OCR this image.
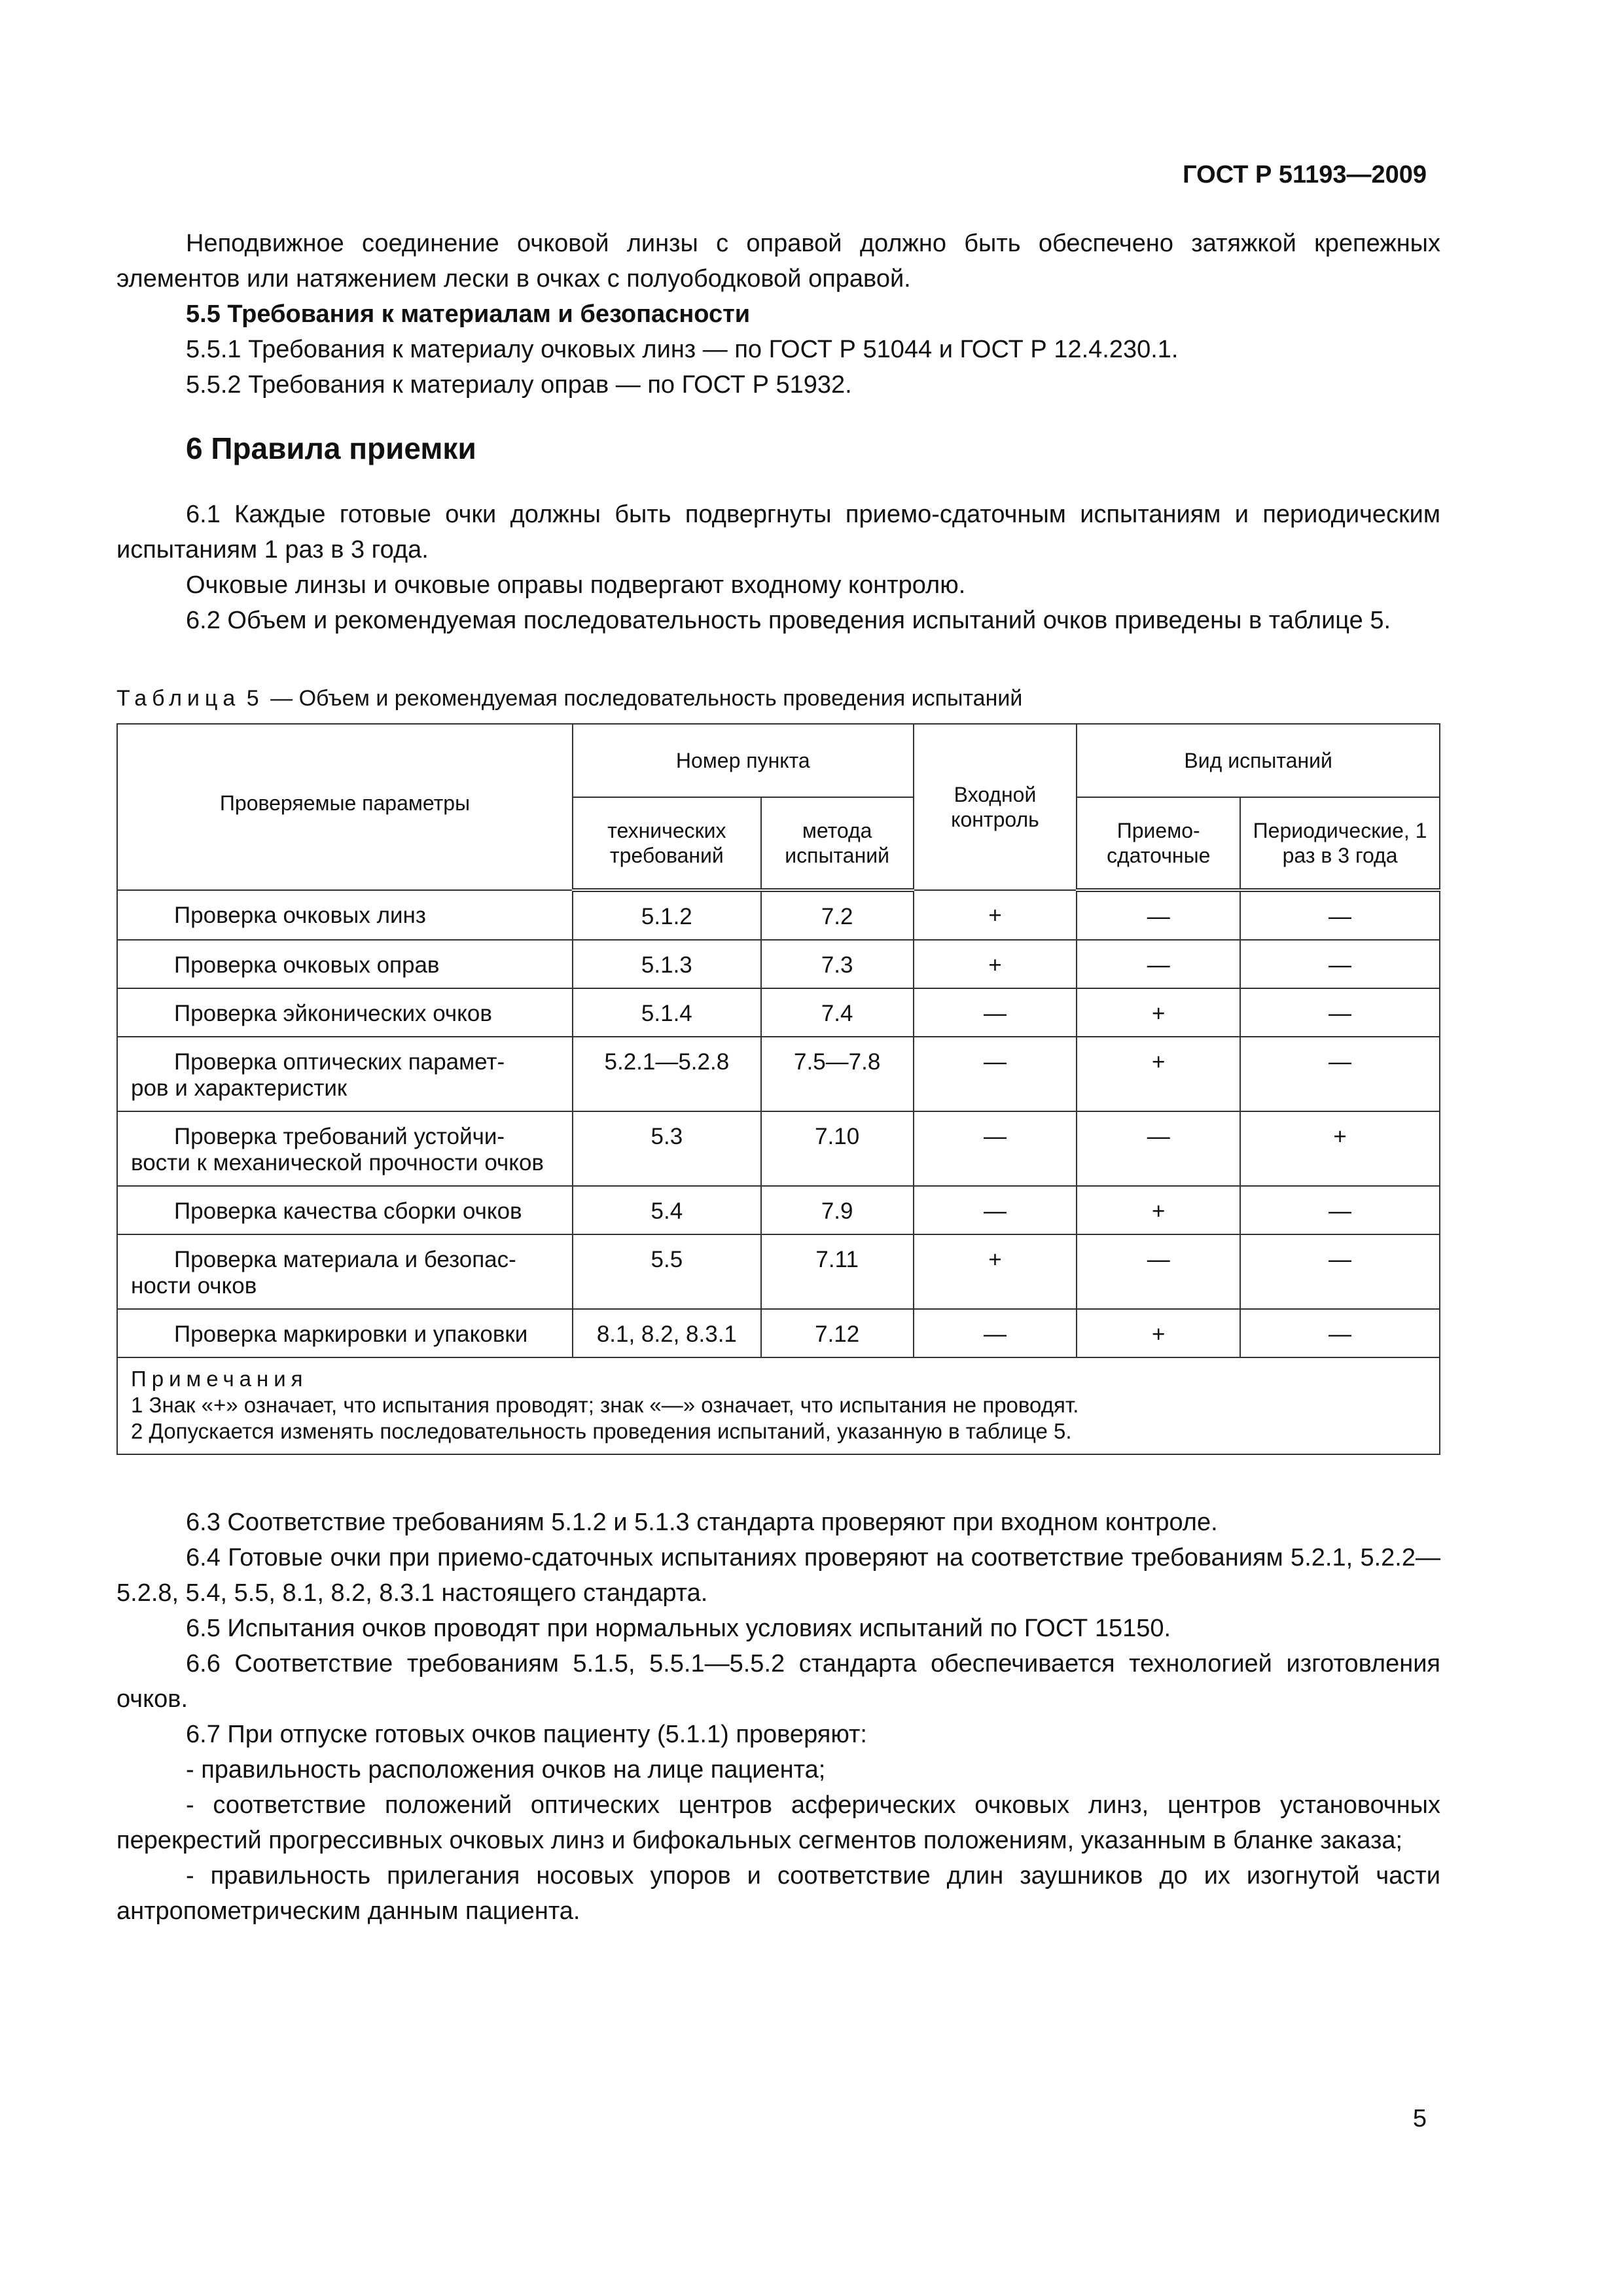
ГОСТ Р 51193—2009

Неподвижное соединение очковой линзы с оправой должно быть обеспечено затяжкой крепежных элементов или натяжением лески в очках с полуободковой оправой.

5.5 Требования к материалам и безопасности

5.5.1 Требования к материалу очковых линз — по ГОСТ Р 51044 и ГОСТ Р 12.4.230.1.

5.5.2 Требования к материалу оправ — по ГОСТ Р 51932.

6 Правила приемки

6.1 Каждые готовые очки должны быть подвергнуты приемо-сдаточным испытаниям и периодическим испытаниям 1 раз в 3 года.

Очковые линзы и очковые оправы подвергают входному контролю.

6.2 Объем и рекомендуемая последовательность проведения испытаний очков приведены в таблице 5.

Таблица 5 — Объем и рекомендуемая последовательность проведения испытаний
Проверяемые параметры	Номер пункта		Входной контроль	Вид испытаний	
	технических требований	метода испытаний		Приемо-сдаточные	Периодические, 1 раз в 3 года

Проверка очковых линз	5.1.2	7.2	+	—	—

Проверка очковых оправ	5.1.3	7.3	+	—	—

Проверка эйконических очков	5.1.4	7.4	—	+	—

Проверка оптических парамет-
ров и характеристик	5.2.1—5.2.8	7.5—7.8	—	+	—

Проверка требований устойчи-
вости к механической прочности очков	5.3	7.10	—	—	+

Проверка качества сборки очков	5.4	7.9	—	+	—

Проверка материала и безопас-
ности очков	5.5	7.11	+	—	—

Проверка маркировки и упаковки	8.1, 8.2, 8.3.1	7.12	—	+	—

Примечания
1 Знак «+» означает, что испытания проводят; знак «—» означает, что испытания не проводят.
2 Допускается изменять последовательность проведения испытаний, указанную в таблице 5.					

6.3 Соответствие требованиям 5.1.2 и 5.1.3 стандарта проверяют при входном контроле.

6.4 Готовые очки при приемо-сдаточных испытаниях проверяют на соответствие требованиям 5.2.1, 5.2.2—5.2.8, 5.4, 5.5, 8.1, 8.2, 8.3.1 настоящего стандарта.

6.5 Испытания очков проводят при нормальных условиях испытаний по ГОСТ 15150.

6.6 Соответствие требованиям 5.1.5, 5.5.1—5.5.2 стандарта обеспечивается технологией изготовления очков.

6.7 При отпуске готовых очков пациенту (5.1.1) проверяют:

- правильность расположения очков на лице пациента;

- соответствие положений оптических центров асферических очковых линз, центров установочных перекрестий прогрессивных очковых линз и бифокальных сегментов положениям, указанным в бланке заказа;

- правильность прилегания носовых упоров и соответствие длин заушников до их изогнутой части антропометрическим данным пациента.

5
